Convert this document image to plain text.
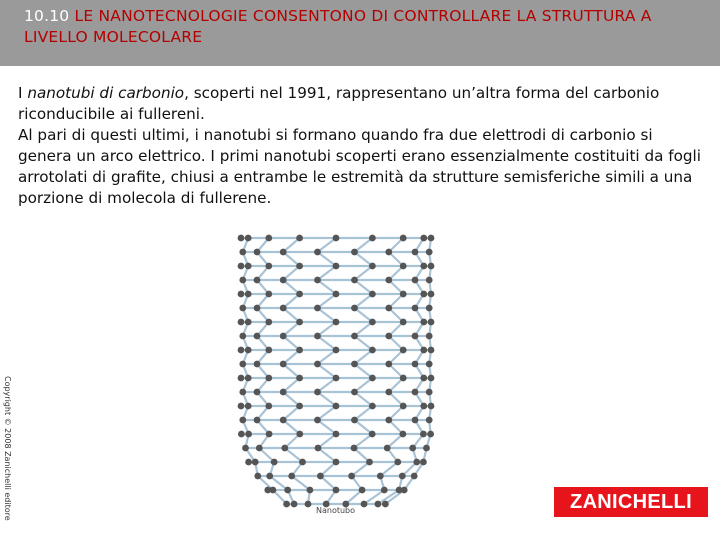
10.10 LE NANOTECNOLOGIE CONSENTONO DI CONTROLLARE LA STRUTTURA A LIVELLO MOLECOLARE
I nanotubi di carbonio, scoperti nel 1991, rappresentano un’altra forma del carbonio riconducibile ai fullereni.
Al pari di questi ultimi, i nanotubi si formano quando fra due elettrodi di carbonio si genera un arco elettrico. I primi nanotubi scoperti erano essenzialmente costituiti da fogli arrotolati di grafite, chiusi a entrambe le estremità da strutture semisferiche simili a una porzione di molecola di fullerene.
Copyright © 2008 Zanichelli editore	Nanotubo	ZANICHELLI
